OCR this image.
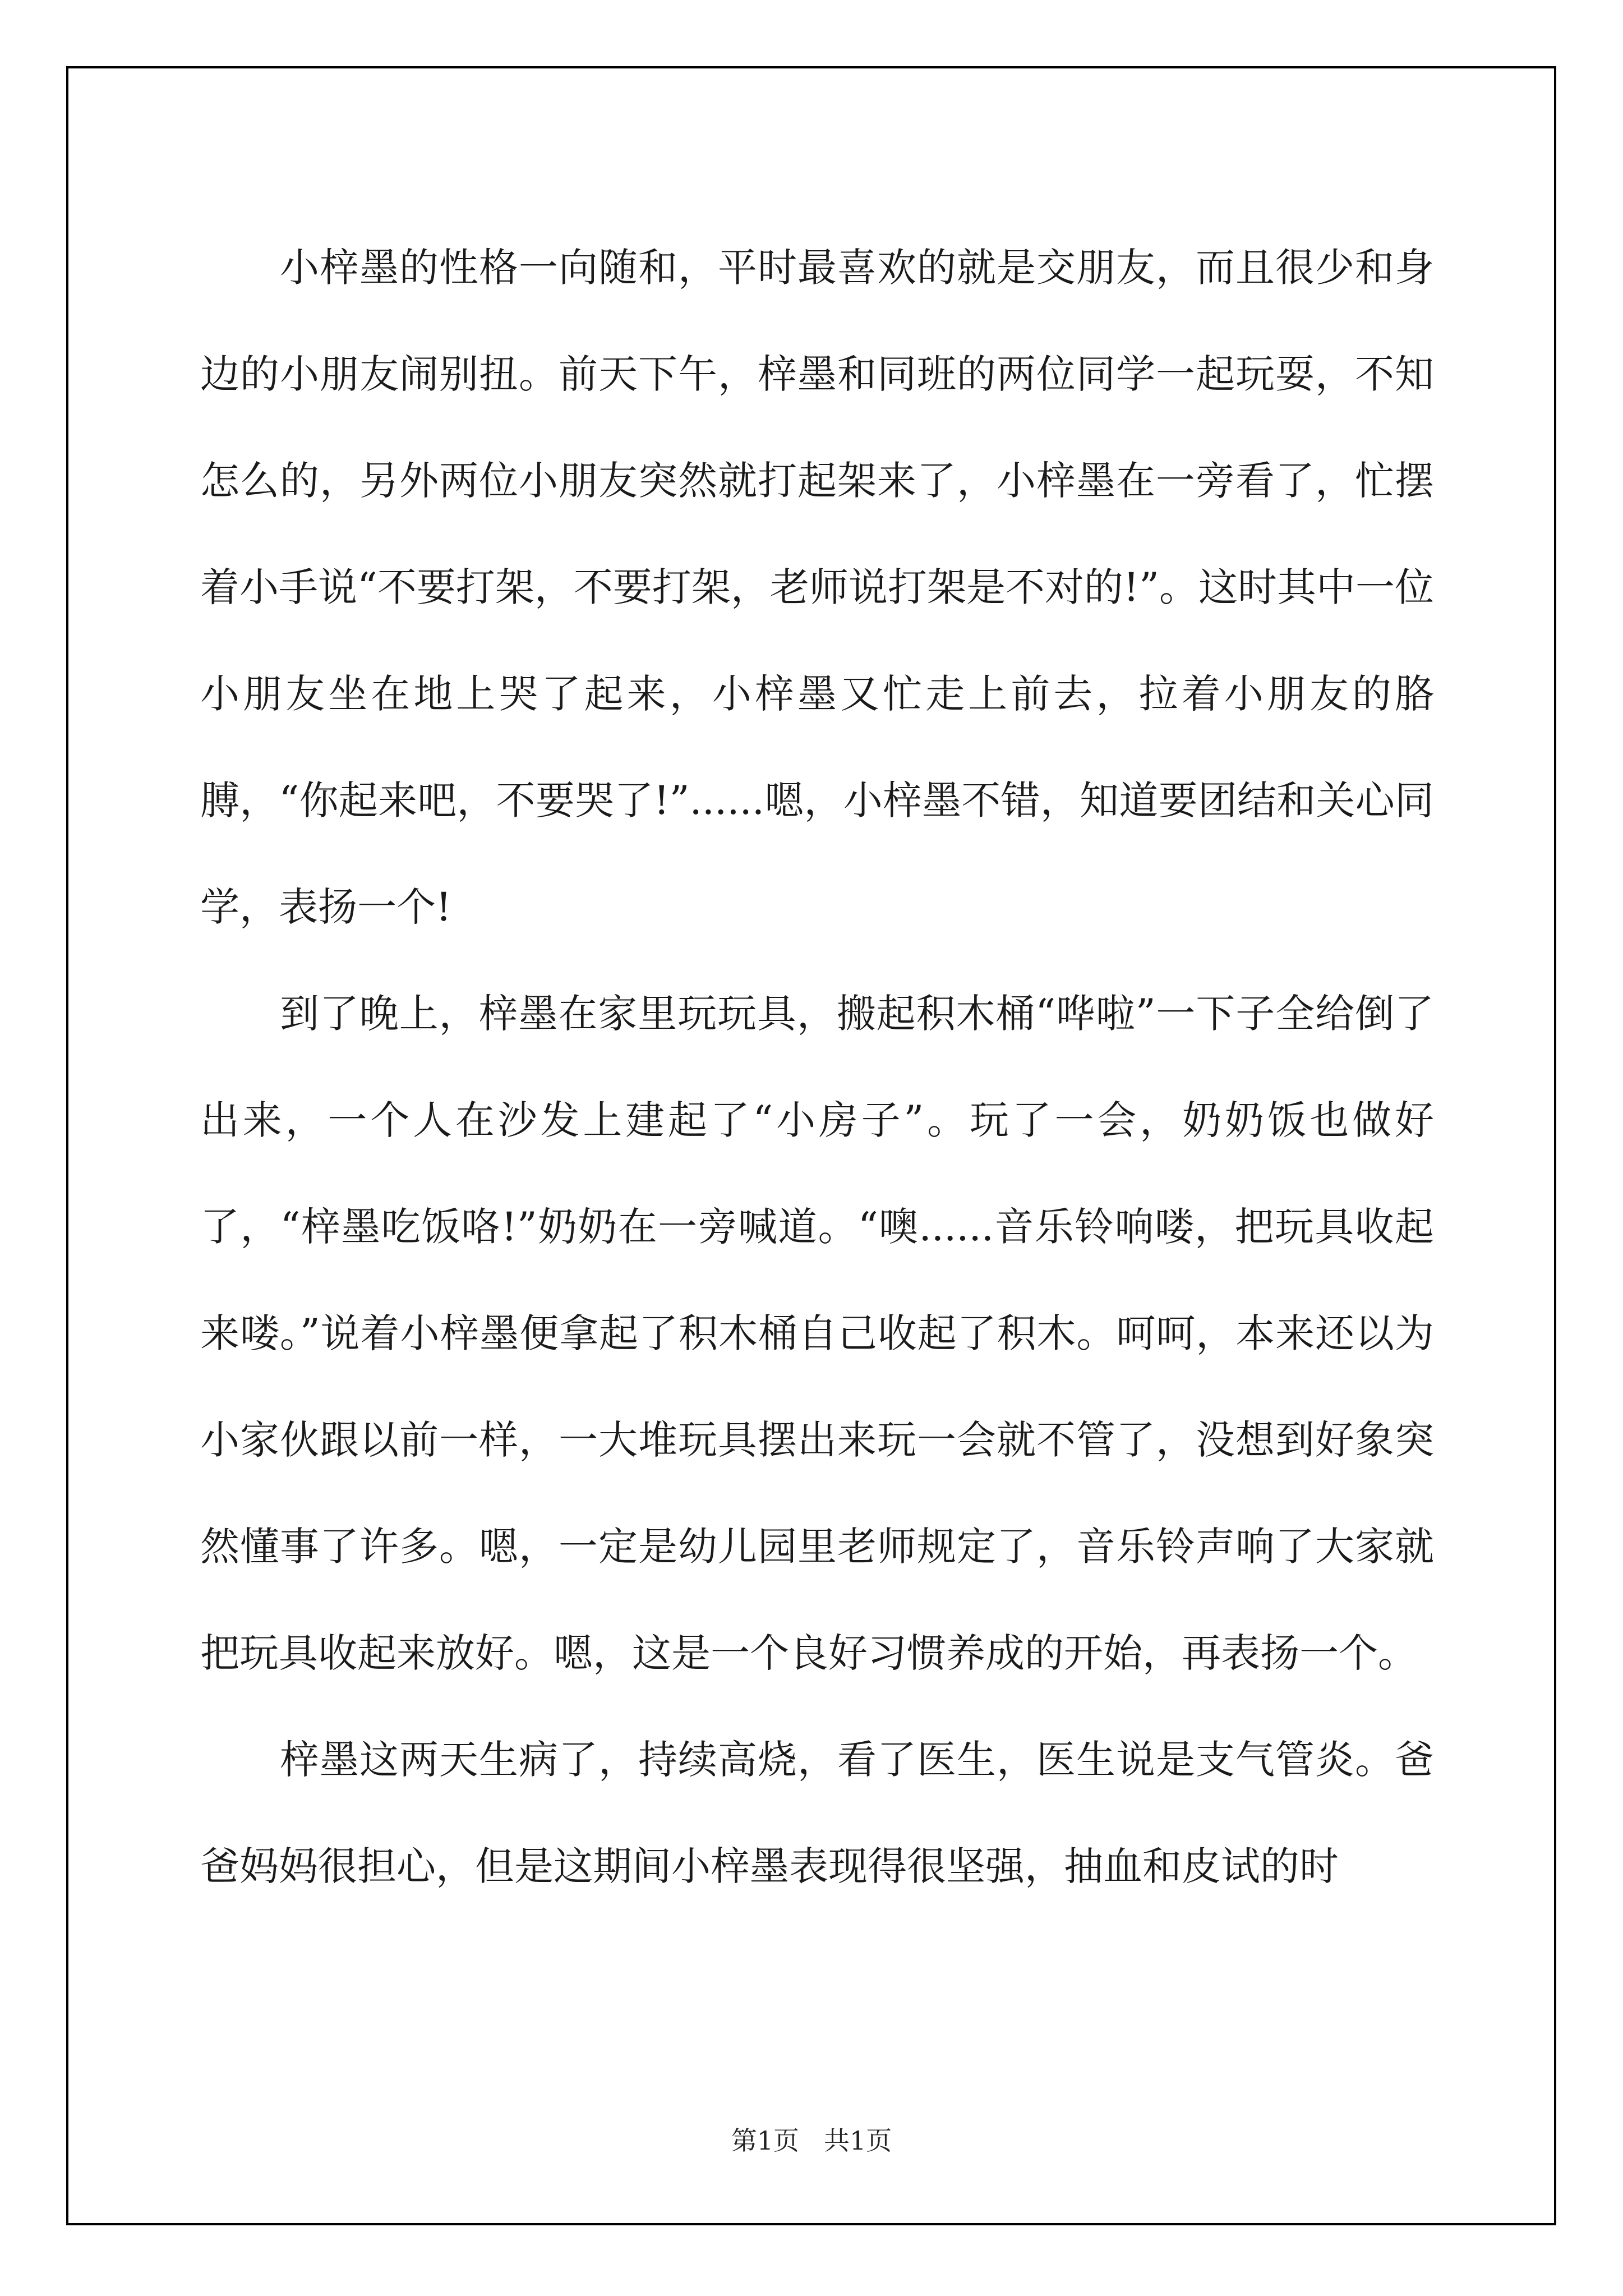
小梓墨的性格一向随和，平时最喜欢的就是交朋友，而且很少和身边的小朋友闹别扭。前天下午，梓墨和同班的两位同学一起玩耍，不知怎么的，另外两位小朋友突然就打起架来了，小梓墨在一旁看了，忙摆着小手说“不要打架，不要打架，老师说打架是不对的!”。这时其中一位小朋友坐在地上哭了起来，小梓墨又忙走上前去，拉着小朋友的胳膊，“你起来吧，不要哭了!”......嗯，小梓墨不错，知道要团结和关心同学，表扬一个!

到了晚上，梓墨在家里玩玩具，搬起积木桶“哗啦”一下子全给倒了出来，一个人在沙发上建起了“小房子”。玩了一会，奶奶饭也做好了，“梓墨吃饭咯!”奶奶在一旁喊道。“噢......音乐铃响喽，把玩具收起来喽。”说着小梓墨便拿起了积木桶自己收起了积木。呵呵，本来还以为小家伙跟以前一样，一大堆玩具摆出来玩一会就不管了，没想到好象突然懂事了许多。嗯，一定是幼儿园里老师规定了，音乐铃声响了大家就把玩具收起来放好。嗯，这是一个良好习惯养成的开始，再表扬一个。

梓墨这两天生病了，持续高烧，看了医生，医生说是支气管炎。爸爸妈妈很担心，但是这期间小梓墨表现得很坚强，抽血和皮试的时

第1页 共1页
